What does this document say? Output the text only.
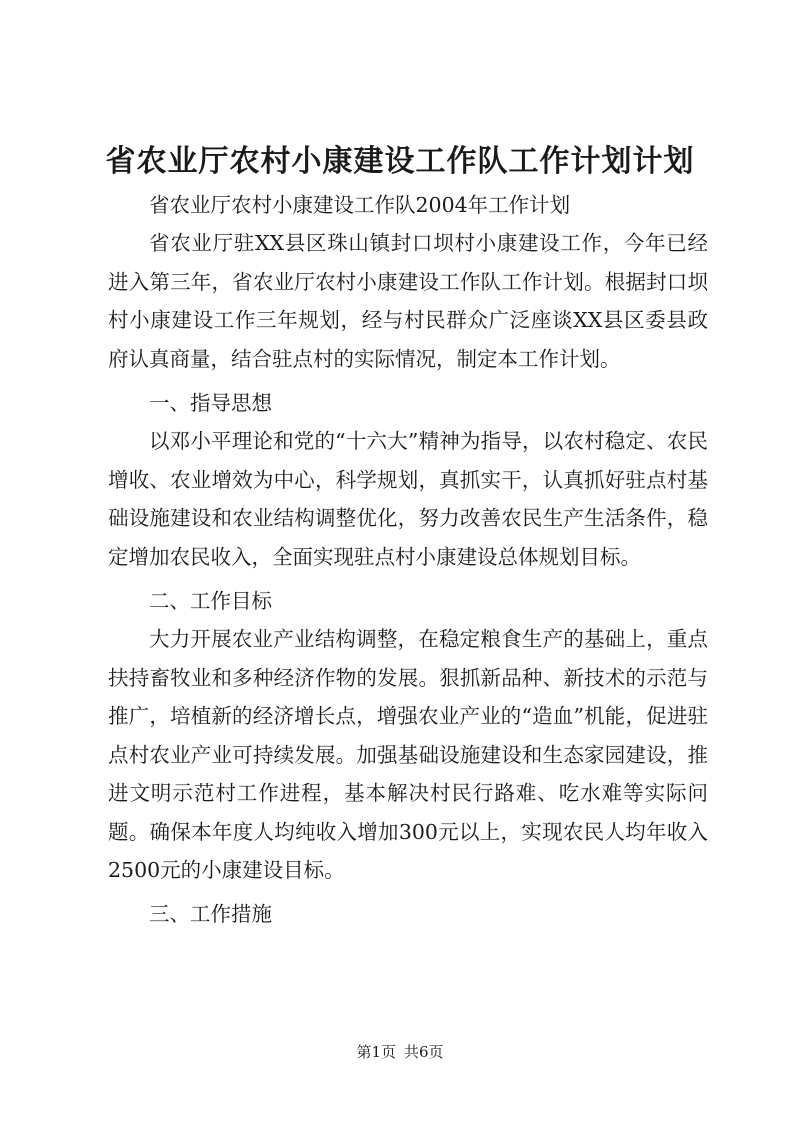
省农业厅农村小康建设工作队工作计划计划

省农业厅农村小康建设工作队2004年工作计划

省农业厅驻XX县区珠山镇封口坝村小康建设工作，今年已经进入第三年，省农业厅农村小康建设工作队工作计划。根据封口坝村小康建设工作三年规划，经与村民群众广泛座谈XX县区委县政府认真商量，结合驻点村的实际情况，制定本工作计划。

一、指导思想

以邓小平理论和党的“十六大”精神为指导，以农村稳定、农民增收、农业增效为中心，科学规划，真抓实干，认真抓好驻点村基础设施建设和农业结构调整优化，努力改善农民生产生活条件，稳定增加农民收入，全面实现驻点村小康建设总体规划目标。

二、工作目标

大力开展农业产业结构调整，在稳定粮食生产的基础上，重点扶持畜牧业和多种经济作物的发展。狠抓新品种、新技术的示范与推广，培植新的经济增长点，增强农业产业的“造血”机能，促进驻点村农业产业可持续发展。加强基础设施建设和生态家园建设，推进文明示范村工作进程，基本解决村民行路难、吃水难等实际问题。确保本年度人均纯收入增加300元以上，实现农民人均年收入2500元的小康建设目标。

三、工作措施

第1页 共6页
